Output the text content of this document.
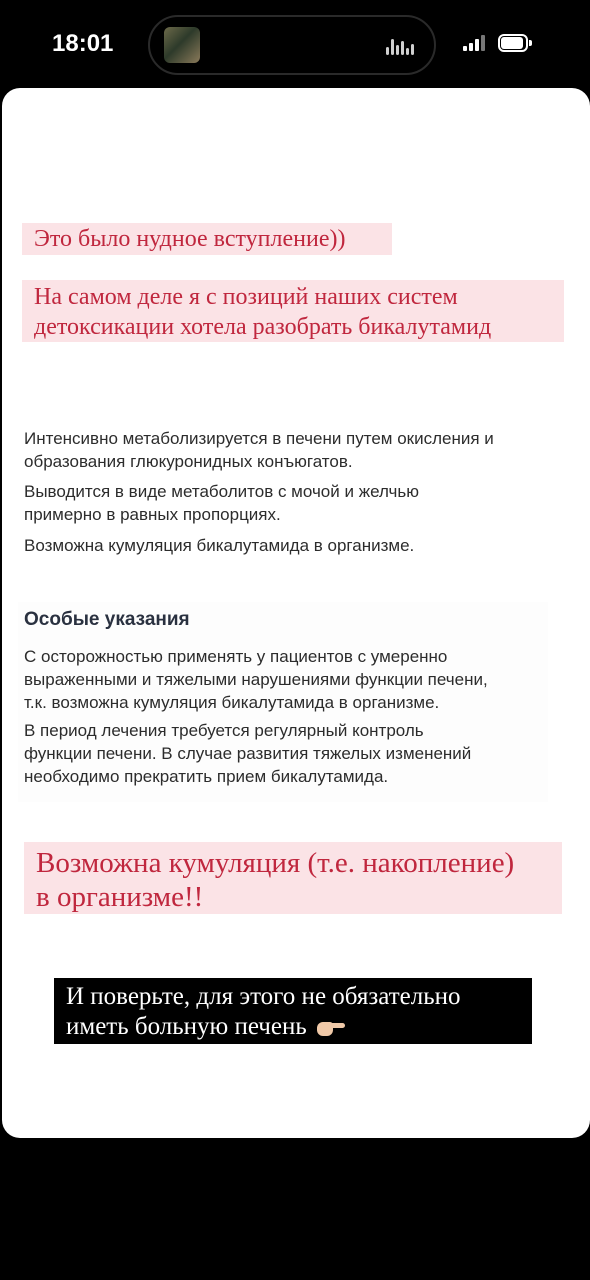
18:01
Это было нудное вступление))
На самом деле я с позиций наших систем
детоксикации хотела разобрать бикалутамид
Интенсивно метаболизируется в печени путем окисления и
образования глюкуронидных конъюгатов.
Выводится в виде метаболитов с мочой и желчью
примерно в равных пропорциях.
Возможна кумуляция бикалутамида в организме.
Особые указания
С осторожностью применять у пациентов с умеренно
выраженными и тяжелыми нарушениями функции печени,
т.к. возможна кумуляция бикалутамида в организме.
В период лечения требуется регулярный контроль
функции печени. В случае развития тяжелых изменений
необходимо прекратить прием бикалутамида.
Возможна кумуляция (т.е. накопление)
в организме!!
И поверьте, для этого не обязательно
иметь больную печень
